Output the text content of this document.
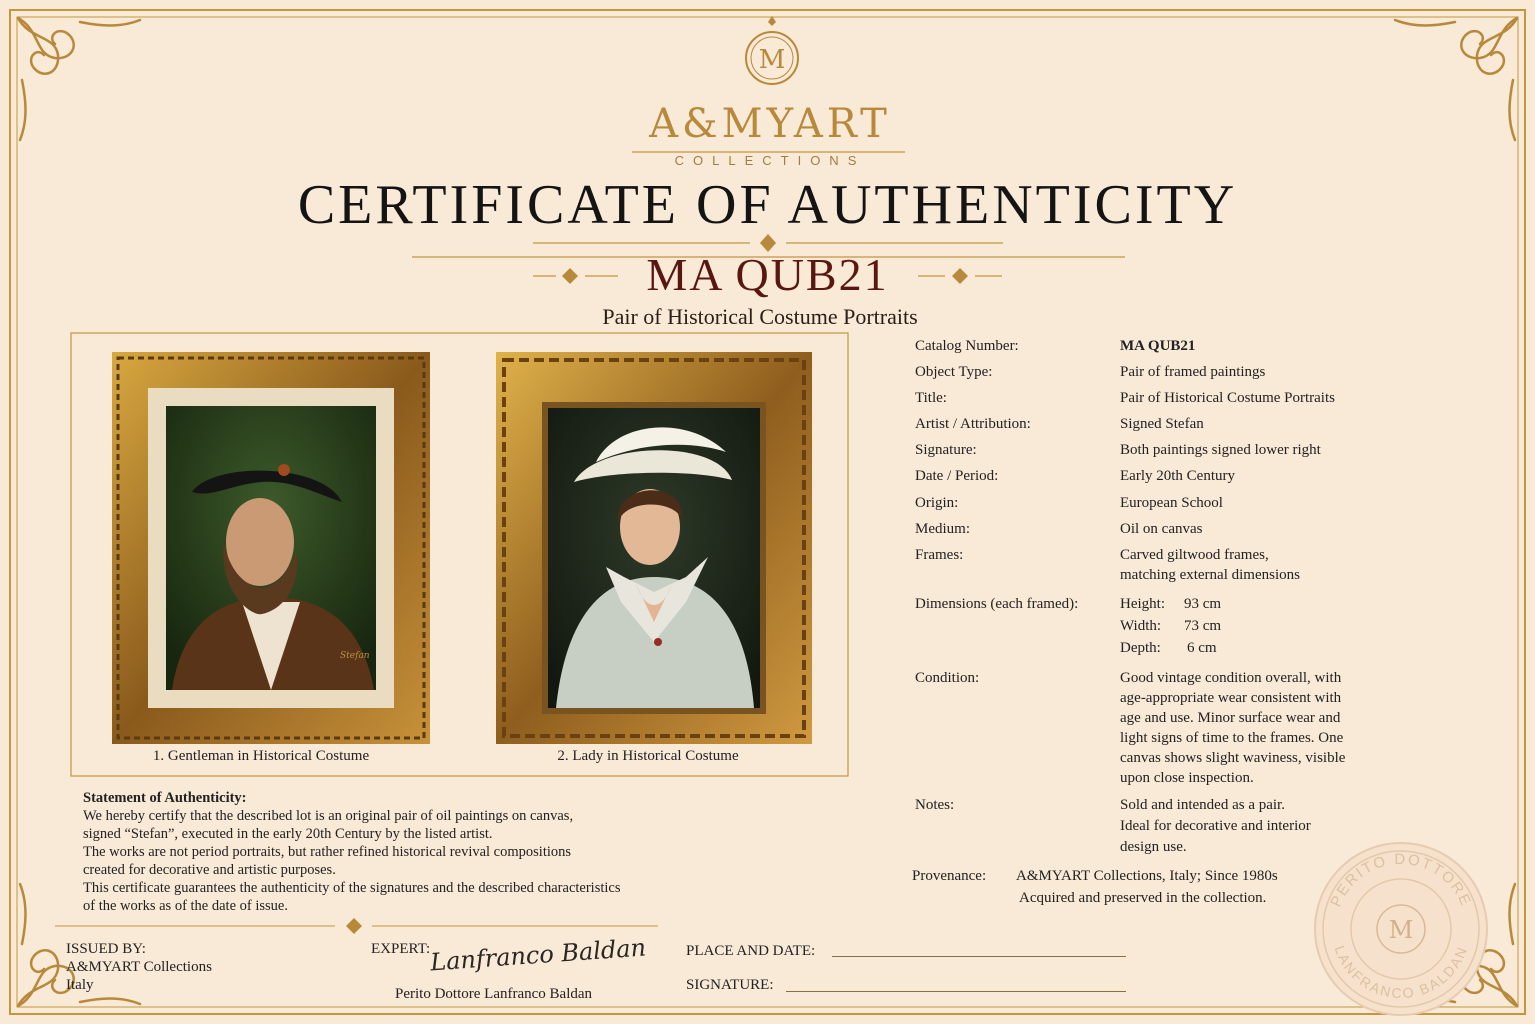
M
A&MYART
COLLECTIONS
CERTIFICATE OF AUTHENTICITY
MA QUB21
Pair of Historical Costume Portraits
Stefan
1. Gentleman in Historical Costume	2. Lady in Historical Costume
Catalog Number:	MA QUB21
Object Type:	Pair of framed paintings
Title:	Pair of Historical Costume Portraits
Artist / Attribution:	Signed Stefan
Signature:	Both paintings signed lower right
Date / Period:	Early 20th Century
Origin:	European School
Medium:	Oil on canvas
Frames:	Carved giltwood frames,
matching external dimensions
Dimensions (each framed):	Height: 93 cm
Width: 73 cm
Depth: 6 cm
Condition:	Good vintage condition overall, with
age-appropriate wear consistent with
age and use. Minor surface wear and
light signs of time to the frames. One
canvas shows slight waviness, visible
upon close inspection.
Notes:	Sold and intended as a pair.
Ideal for decorative and interior
design use.
Provenance: A&MYART Collections, Italy; Since 1980s
Acquired and preserved in the collection.
Statement of Authenticity:
We hereby certify that the described lot is an original pair of oil paintings on canvas,
signed “Stefan”, executed in the early 20th Century by the listed artist.
The works are not period portraits, but rather refined historical revival compositions
created for decorative and artistic purposes.
This certificate guarantees the authenticity of the signatures and the described characteristics
of the works as of the date of issue.
ISSUED BY:
A&MYART Collections
Italy
EXPERT: Lanfranco Baldan
Perito Dottore Lanfranco Baldan
PLACE AND DATE:
SIGNATURE:
PERITO DOTTORE
LANFRANCO BALDAN
M
